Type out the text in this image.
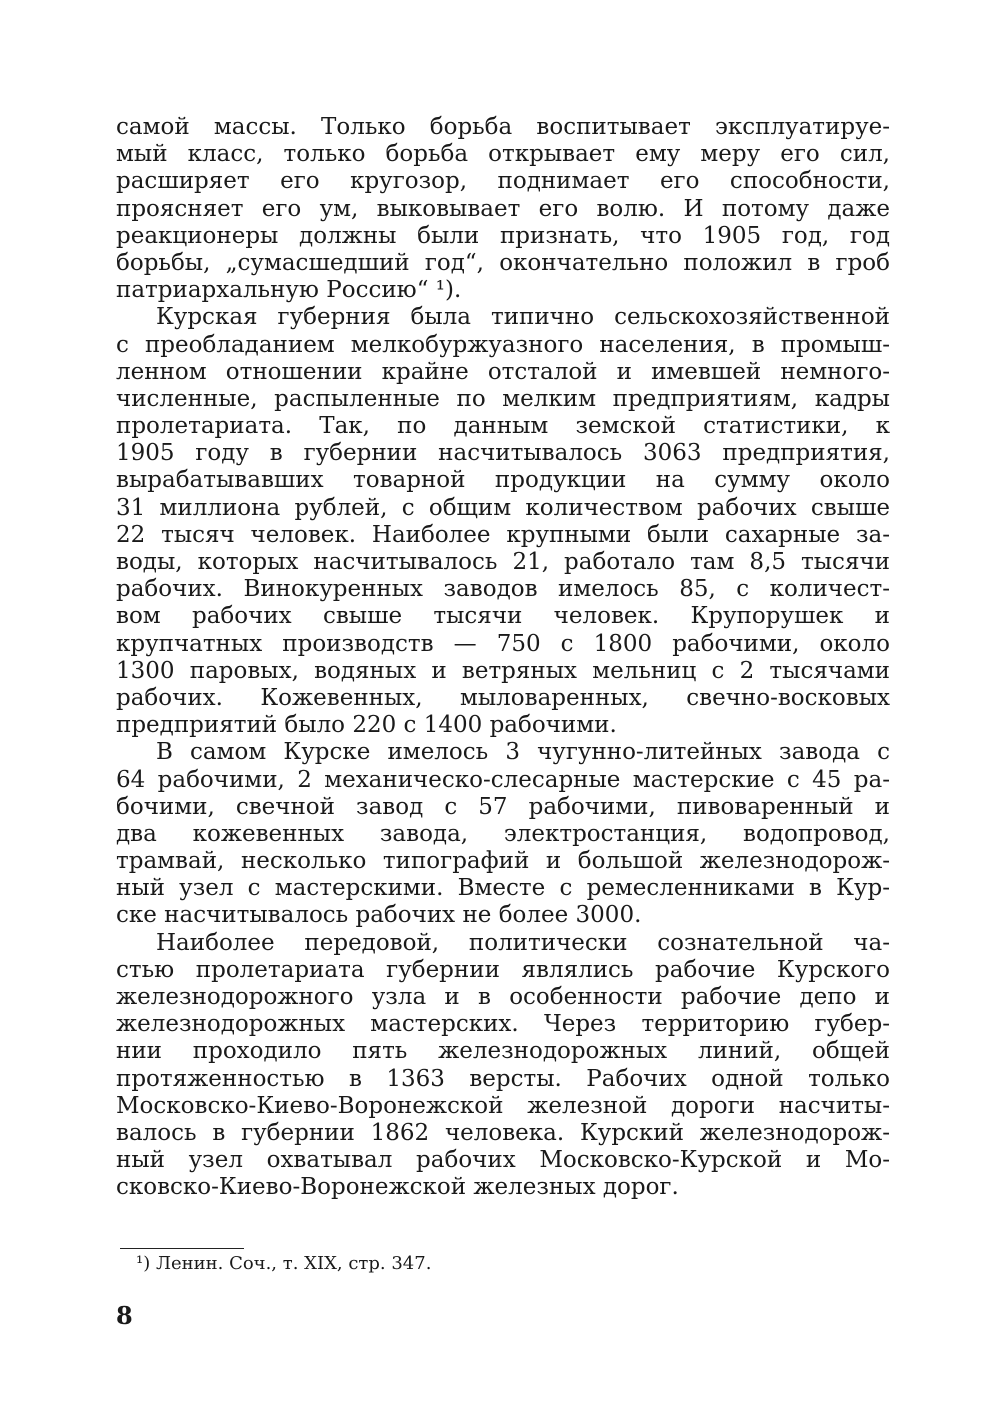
самой массы. Только борьба воспитывает эксплуатируе-
мый класс, только борьба открывает ему меру его сил,
расширяет его кругозор, поднимает его способности,
проясняет его ум, выковывает его волю. И потому даже
реакционеры должны были признать, что 1905 год, год
борьбы, „сумасшедший год“, окончательно положил в гроб
патриархальную Россию“ ¹).
Курская губерния была типично сельскохозяйственной
с преобладанием мелкобуржуазного населения, в промыш-
ленном отношении крайне отсталой и имевшей немного-
численные, распыленные по мелким предприятиям, кадры
пролетариата. Так, по данным земской статистики, к
1905 году в губернии насчитывалось 3063 предприятия,
вырабатывавших товарной продукции на сумму около
31 миллиона рублей, с общим количеством рабочих свыше
22 тысяч человек. Наиболее крупными были сахарные за-
воды, которых насчитывалось 21, работало там 8,5 тысячи
рабочих. Винокуренных заводов имелось 85, с количест-
вом рабочих свыше тысячи человек. Крупорушек и
крупчатных производств — 750 с 1800 рабочими, около
1300 паровых, водяных и ветряных мельниц с 2 тысячами
рабочих. Кожевенных, мыловаренных, свечно-восковых
предприятий было 220 с 1400 рабочими.
В самом Курске имелось 3 чугунно-литейных завода с
64 рабочими, 2 механическо-слесарные мастерские с 45 ра-
бочими, свечной завод с 57 рабочими, пивоваренный и
два кожевенных завода, электростанция, водопровод,
трамвай, несколько типографий и большой железнодорож-
ный узел с мастерскими. Вместе с ремесленниками в Кур-
ске насчитывалось рабочих не более 3000.
Наиболее передовой, политически сознательной ча-
стью пролетариата губернии являлись рабочие Курского
железнодорожного узла и в особенности рабочие депо и
железнодорожных мастерских. Через территорию губер-
нии проходило пять железнодорожных линий, общей
протяженностью в 1363 версты. Рабочих одной только
Московско-Киево-Воронежской железной дороги насчиты-
валось в губернии 1862 человека. Курский железнодорож-
ный узел охватывал рабочих Московско-Курской и Мо-
сковско-Киево-Воронежской железных дорог.
¹) Ленин. Соч., т. XIX, стр. 347.
8
